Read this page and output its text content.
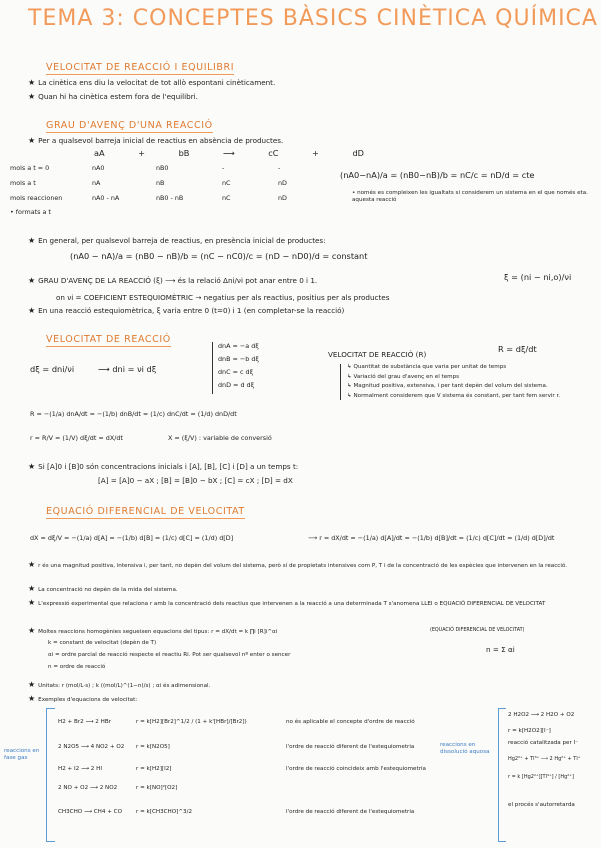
TEMA 3: CONCEPTES BÀSICS CINÈTICA QUÍMICA
VELOCITAT DE REACCIÓ I EQUILIBRI
★ La cinètica ens diu la velocitat de tot allò espontani cinèticament.
★ Quan hi ha cinètica estem fora de l'equilibri.
GRAU D'AVENÇ D'UNA REACCIÓ
★ Per a qualsevol barreja inicial de reactius en absència de productes.
aA	+	bB	⟶	cC	+	dD
mols a t = 0	nA0	nB0	-	-
mols a t	nA	nB	nC	nD
mols reaccionen	nA0 - nA	nB0 - nB	nC	nD
• formats a t
(nA0−nA)/a = (nB0−nB)/b = nC/c = nD/d = cte
• només es compleixen les igualtats si considerem un sistema en el que només eta. aquesta reacció
★ En general, per qualsevol barreja de reactius, en presència inicial de productes:
(nA0 − nA)/a = (nB0 − nB)/b = (nC − nC0)/c = (nD − nD0)/d = constant
★ GRAU D'AVENÇ DE LA REACCIÓ (ξ) ⟶ és la relació Δni/νi pot anar entre 0 i 1.	ξ = (ni − ni,o)/νi
on νi = COEFICIENT ESTEQUIOMÈTRIC → negatius per als reactius, positius per als productes
★ En una reacció estequiomètrica, ξ varia entre 0 (t=0) i 1 (en completar-se la reacció)
VELOCITAT DE REACCIÓ
dξ = dni/νi	⟶ dni = νi dξ
dnA = −a dξ
dnB = −b dξ
dnC = c dξ
dnD = d dξ
VELOCITAT DE REACCIÓ (R)
R = dξ/dt
↳ Quantitat de substància que varia per unitat de temps
↳ Variació del grau d'avenç en el temps
↳ Magnitud positiva, extensiva, i per tant depèn del volum del sistema.
↳ Normalment considerem que V sistema és constant, per tant fem servir r.
R = −(1/a) dnA/dt = −(1/b) dnB/dt = (1/c) dnC/dt = (1/d) dnD/dt
r = R/V = (1/V) dξ/dt = dX/dt	X = (ξ/V) : variable de conversió
★ Si [A]0 i [B]0 són concentracions inicials i [A], [B], [C] i [D] a un temps t:
[A] = [A]0 − aX ; [B] = [B]0 − bX ; [C] = cX ; [D] = dX
EQUACIÓ DIFERENCIAL DE VELOCITAT
dX = dξ/V = −(1/a) d[A] = −(1/b) d[B] = (1/c) d[C] = (1/d) d[D]	⟶ r = dX/dt = −(1/a) d[A]/dt = −(1/b) d[B]/dt = (1/c) d[C]/dt = (1/d) d[D]/dt
★ r és una magnitud positiva, intensiva i, per tant, no depèn del volum del sistema, però sí de propietats intensives com P, T i de la concentració de les espècies que intervenen en la reacció.
★ La concentració no depèn de la mida del sistema.
★ L'expressió experimental que relaciona r amb la concentració dels reactius que intervenen a la reacció a una determinada T s'anomena LLEI o EQUACIÓ DIFERENCIAL DE VELOCITAT
★ Moltes reaccions homogènies segueixen equacions del tipus: r = dX/dt = k ∏i [R]i^αi	(EQUACIÓ DIFERENCIAL DE VELOCITAT)
k = constant de velocitat (depèn de T)
αi = ordre parcial de reacció respecte el reactiu Ri. Pot ser qualsevol nº enter o sencer
n = ordre de reacció
n = Σ αi
★ Unitats: r (mol/L·s) ; k ((mol/L)^(1−n)/s) ; αi és adimensional.
★ Exemples d'equacions de velocitat:
reaccions en fase gas
H2 + Br2 ⟶ 2 HBr	r = k[H2][Br2]^1/2 / (1 + k'[HBr]/[Br2])	no és aplicable el concepte d'ordre de reacció
2 N2O5 ⟶ 4 NO2 + O2	r = k[N2O5]	l'ordre de reacció diferent de l'estequiometria
H2 + I2 ⟶ 2 HI	r = k[H2][I2]	l'ordre de reacció coincideix amb l'estequiometria
2 NO + O2 ⟶ 2 NO2	r = k[NO]²[O2]
CH3CHO ⟶ CH4 + CO	r = k[CH3CHO]^3/2	l'ordre de reacció diferent de l'estequiometria
reaccions en dissolució aquosa
2 H2O2 ⟶ 2 H2O + O2
r = k[H2O2][I⁻]
reacció catalitzada per I⁻
Hg2²⁺ + Tl³⁺ ⟶ 2 Hg²⁺ + Tl⁺
r = k [Hg2²⁺][Tl³⁺] / [Hg²⁺]
el procés s'autorretarda
